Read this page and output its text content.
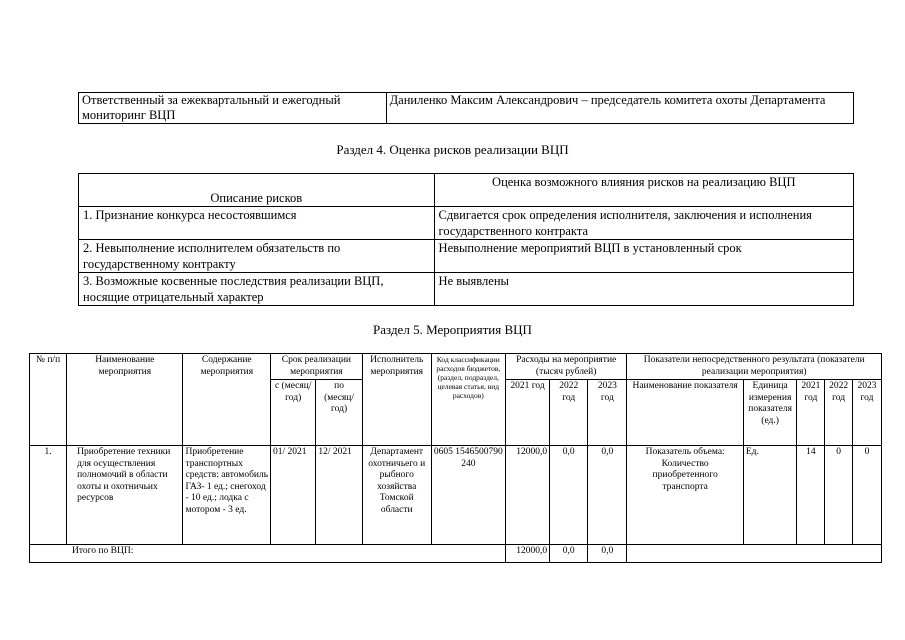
Ответственный за ежеквартальный и ежегодный мониторинг ВЦП	Даниленко Максим Александрович – председатель комитета охоты Департамента
Раздел 4. Оценка рисков реализации ВЦП
Описание рисков	Оценка возможного влияния рисков на реализацию ВЦП
1. Признание конкурса несостоявшимся	Сдвигается срок определения исполнителя, заключения и исполнения государственного контракта
2. Невыполнение исполнителем обязательств по государственному контракту	Невыполнение мероприятий ВЦП в установленный срок
3. Возможные косвенные последствия реализации ВЦП, носящие отрицательный характер	Не выявлены
Раздел 5. Мероприятия ВЦП
№ п/п	Наименование мероприятия	Содержание мероприятия	Срок реализации мероприятия		Исполнитель мероприятия	Код классификации расходов бюджетов, (раздел, подраздел, целевая статья, вид расходов)	Расходы на мероприятие (тысяч рублей)			Показатели непосредственного результата (показатели реализации мероприятия)				
			с (месяц/ год)	по (месяц/ год)			2021 год	2022 год	2023 год	Наименование показателя	Единица измерения показателя (ед.)	2021 год	2022 год	2023 год
1.	Приобретение техники для осуществления полномочий в области охоты и охотничьих ресурсов	Приобретение транспортных средств: автомобиль ГАЗ- 1 ед.; снегоход - 10 ед.; лодка с мотором - 3 ед.	01/ 2021	12/ 2021	Департамент охотничьего и рыбного хозяйства Томской области	0605 1546500790 240	12000,0	0,0	0,0	Показатель объема: Количество приобретенного транспорта	Ед.	14	0	0
Итого по ВЦП:							12000,0	0,0	0,0					
